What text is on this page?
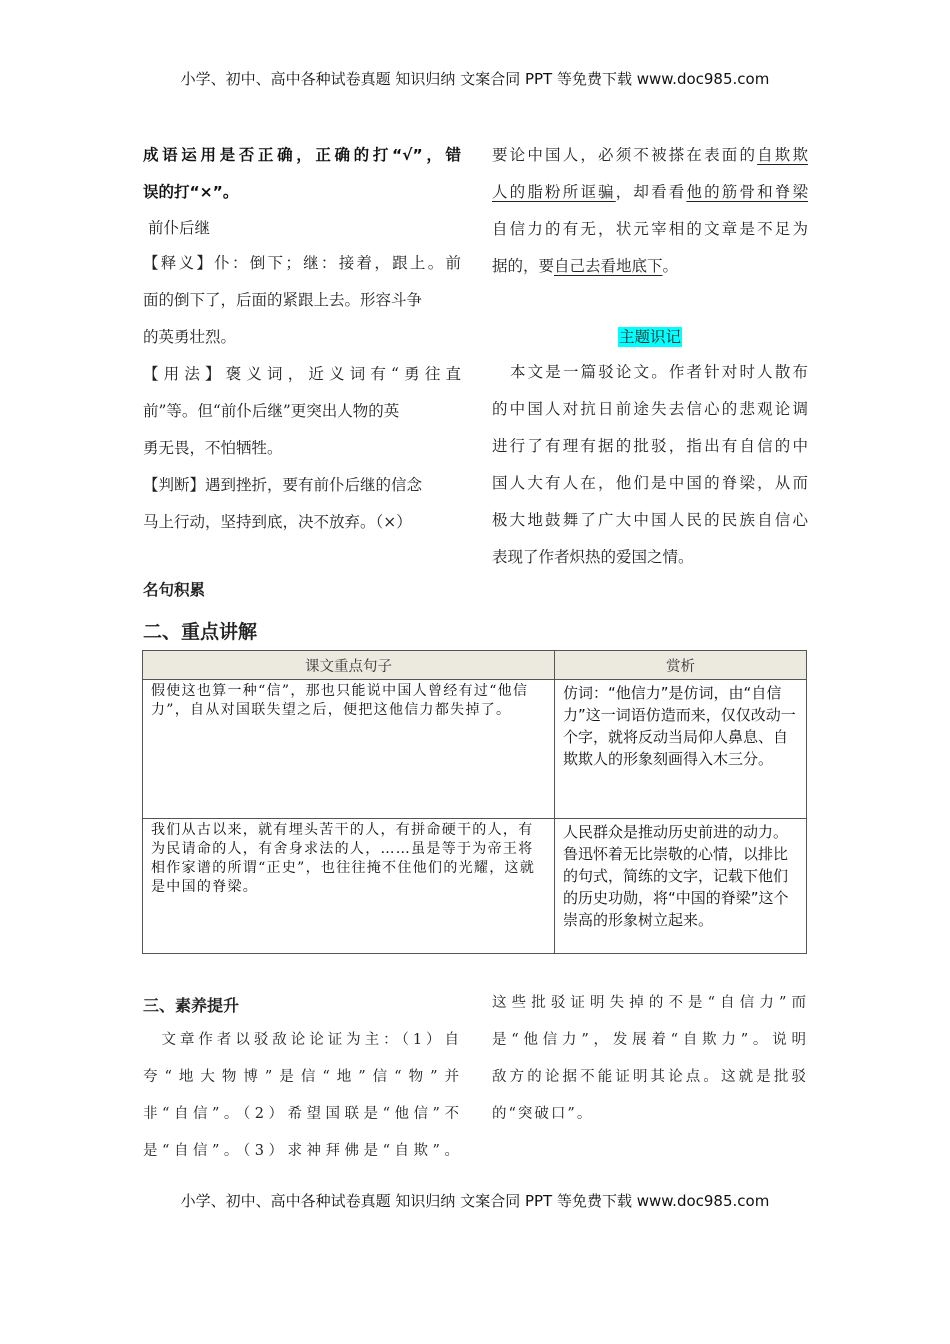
小学、初中、高中各种试卷真题 知识归纳 文案合同 PPT 等免费下载 www.doc985.com
成语运用是否正确，正确的打“√”，错
误的打“×”。
前仆后继
【释义】仆：倒下；继：接着，跟上。前
面的倒下了，后面的紧跟上去。形容斗争
的英勇壮烈。
【用法】褒义词，近义词有“勇往直
前”等。但“前仆后继”更突出人物的英
勇无畏，不怕牺牲。
【判断】遇到挫折，要有前仆后继的信念
马上行动，坚持到底，决不放弃。（×）
要论中国人，必须不被搽在表面的自欺欺
人的脂粉所诓骗，却看看他的筋骨和脊梁
自信力的有无，状元宰相的文章是不足为
据的，要自己去看地底下。
主题识记
本文是一篇驳论文。作者针对时人散布
的中国人对抗日前途失去信心的悲观论调
进行了有理有据的批驳，指出有自信的中
国人大有人在，他们是中国的脊梁，从而
极大地鼓舞了广大中国人民的民族自信心
表现了作者炽热的爱国之情。
名句积累
二、重点讲解
课文重点句子	赏析
假使这也算一种“信”，那也只能说中国人曾经有过“他信力”，自从对国联失望之后，便把这他信力都失掉了。	仿词：“他信力”是仿词，由“自信力”这一词语仿造而来，仅仅改动一个字，就将反动当局仰人鼻息、自欺欺人的形象刻画得入木三分。
我们从古以来，就有埋头苦干的人，有拼命硬干的人，有为民请命的人，有舍身求法的人，……虽是等于为帝王将相作家谱的所谓“正史”，也往往掩不住他们的光耀，这就是中国的脊梁。	人民群众是推动历史前进的动力。鲁迅怀着无比崇敬的心情，以排比的句式，简练的文字，记载下他们的历史功勋，将“中国的脊梁”这个崇高的形象树立起来。
三、素养提升
　文章作者以驳敌论论证为主：（1）自
夸“地大物博”是信“地”信“物”并
非“自信”。（2）希望国联是“他信”不
是“自信”。（3）求神拜佛是“自欺”。
这些批驳证明失掉的不是“自信力”而
是“他信力”，发展着“自欺力”。说明
敌方的论据不能证明其论点。这就是批驳
的“突破口”。
小学、初中、高中各种试卷真题 知识归纳 文案合同 PPT 等免费下载 www.doc985.com
